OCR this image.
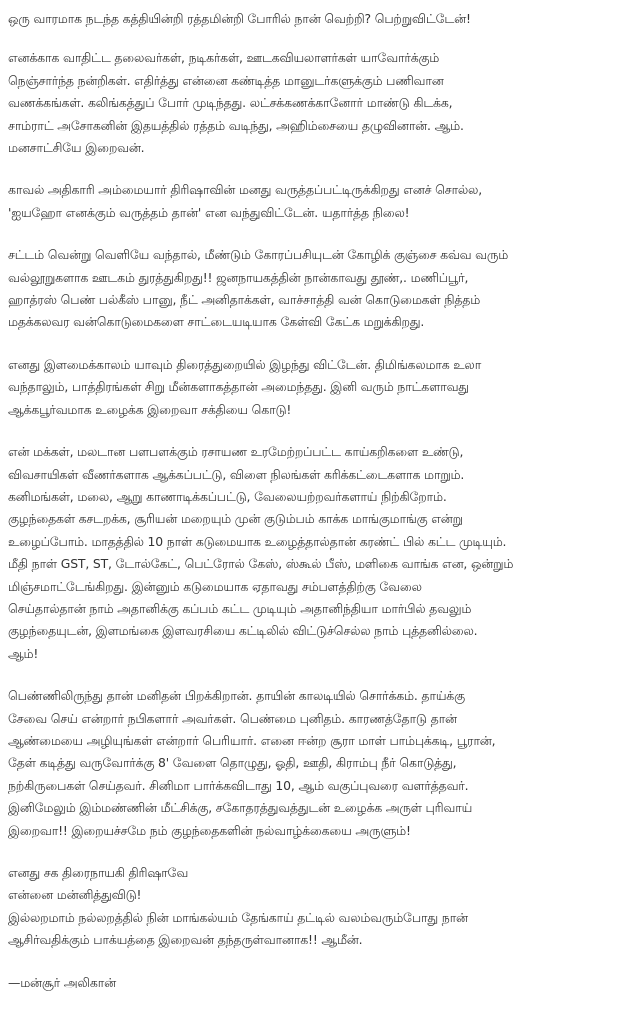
ஒரு வாரமாக நடந்த கத்தியின்றி ரத்தமின்றி போரில் நான் வெற்றி? பெற்றுவிட்டேன்!

எனக்காக வாதிட்ட தலைவர்கள், நடிகர்கள், ஊடகவியலாளர்கள் யாவோர்க்கும்
நெஞ்சார்ந்த நன்றிகள். எதிர்த்து என்னை கண்டித்த மானுடர்களுக்கும் பணிவான
வணக்கங்கள். கலிங்கத்துப் போர் முடிந்தது. லட்சக்கணக்கானோர் மாண்டு கிடக்க,
சாம்ராட் அசோகனின் இதயத்தில் ரத்தம் வடிந்து, அஹிம்சையை தழுவினான். ஆம்.
மனசாட்சியே இறைவன்.

காவல் அதிகாரி அம்மையார் திரிஷாவின் மனது வருத்தப்பட்டிருக்கிறது எனச் சொல்ல,
'ஐயஹோ எனக்கும் வருத்தம் தான்' என வந்துவிட்டேன். யதார்த்த நிலை!

சட்டம் வென்று வெளியே வந்தால், மீண்டும் கோரப்பசியுடன் கோழிக் குஞ்சை கவ்வ வரும்
வல்லூறுகளாக ஊடகம் துரத்துகிறது!! ஜனநாயகத்தின் நான்காவது தூண்,. மணிப்பூர்,
ஹாத்ரஸ் பெண் பல்கீஸ் பானு, நீட் அனிதாக்கள், வாச்சாத்தி வன் கொடுமைகள் நித்தம்
மதக்கலவர வன்கொடுமைகளை சாட்டையடியாக கேள்வி கேட்க மறுக்கிறது.

எனது இளமைக்காலம் யாவும் திரைத்துறையில் இழந்து விட்டேன். திமிங்கலமாக உலா
வந்தாலும், பாத்திரங்கள் சிறு மீன்களாகத்தான் அமைந்தது. இனி வரும் நாட்களாவது
ஆக்கபூர்வமாக உழைக்க இறைவா சக்தியை கொடு!

என் மக்கள், மலடான பளபளக்கும் ரசாயண உரமேற்றப்பட்ட காய்கறிகளை உண்டு,
விவசாயிகள் வீணர்களாக ஆக்கப்பட்டு, விளை நிலங்கள் கரிக்கட்டைகளாக மாறும்.
கனிமங்கள், மலை, ஆறு காணாடிக்கப்பட்டு, வேலையற்றவர்களாய் நிற்கிறோம்.
குழந்தைகள் கசடறக்க, சூரியன் மறையும் முன் குடும்பம் காக்க மாங்குமாங்கு என்று
உழைப்போம். மாதத்தில் 10 நாள் கடுமையாக உழைத்தால்தான் கரண்ட் பில் கட்ட முடியும்.
மீதி நாள் GST, ST, டோல்கேட், பெட்ரோல் கேஸ், ஸ்கூல் பீஸ், மளிகை வாங்க என, ஒன்றும்
மிஞ்சமாட்டேங்கிறது. இன்னும் கடுமையாக ஏதாவது சம்பளத்திற்கு வேலை
செய்தால்தான் நாம் அதானிக்கு கப்பம் கட்ட முடியும் அதானிந்தியா மார்பில் தவலும்
குழந்தையுடன், இளமங்கை இளவரசியை கட்டிலில் விட்டுச்செல்ல நாம் புத்தனில்லை.
ஆம்!

பெண்ணிலிருந்து தான் மனிதன் பிறக்கிறான். தாயின் காலடியில் சொர்க்கம். தாய்க்கு
சேவை செய் என்றார் நபிகளார் அவர்கள். பெண்மை புனிதம். காரணத்தோடு தான்
ஆண்மையை அழியுங்கள் என்றார் பெரியார். எனை ஈன்ற சூரா மாள் பாம்புக்கடி, பூரான்,
தேள் கடித்து வருவோர்க்கு 8' வேளை தொழுது, ஓதி, ஊதி, கிராம்பு நீர் கொடுத்து,
நற்கிருபைகள் செய்தவர். சினிமா பார்க்கவிடாது 10, ஆம் வகுப்புவரை வளர்த்தவர்.
இனிமேலும் இம்மண்ணின் மீட்சிக்கு, சகோதரத்துவத்துடன் உழைக்க அருள் புரிவாய்
இறைவா!! இறையச்சமே நம் குழந்தைகளின் நல்வாழ்க்கையை அருளும்!

எனது சக திரைநாயகி திரிஷாவே
என்னை மன்னித்துவிடு!
இல்லறமாம் நல்லறத்தில் நின் மாங்கல்யம் தேங்காய் தட்டில் வலம்வரும்போது நான்
ஆசிர்வதிக்கும் பாக்யத்தை இறைவன் தந்தருள்வானாக!! ஆமீன்.

—மன்சூர் அலிகான்
